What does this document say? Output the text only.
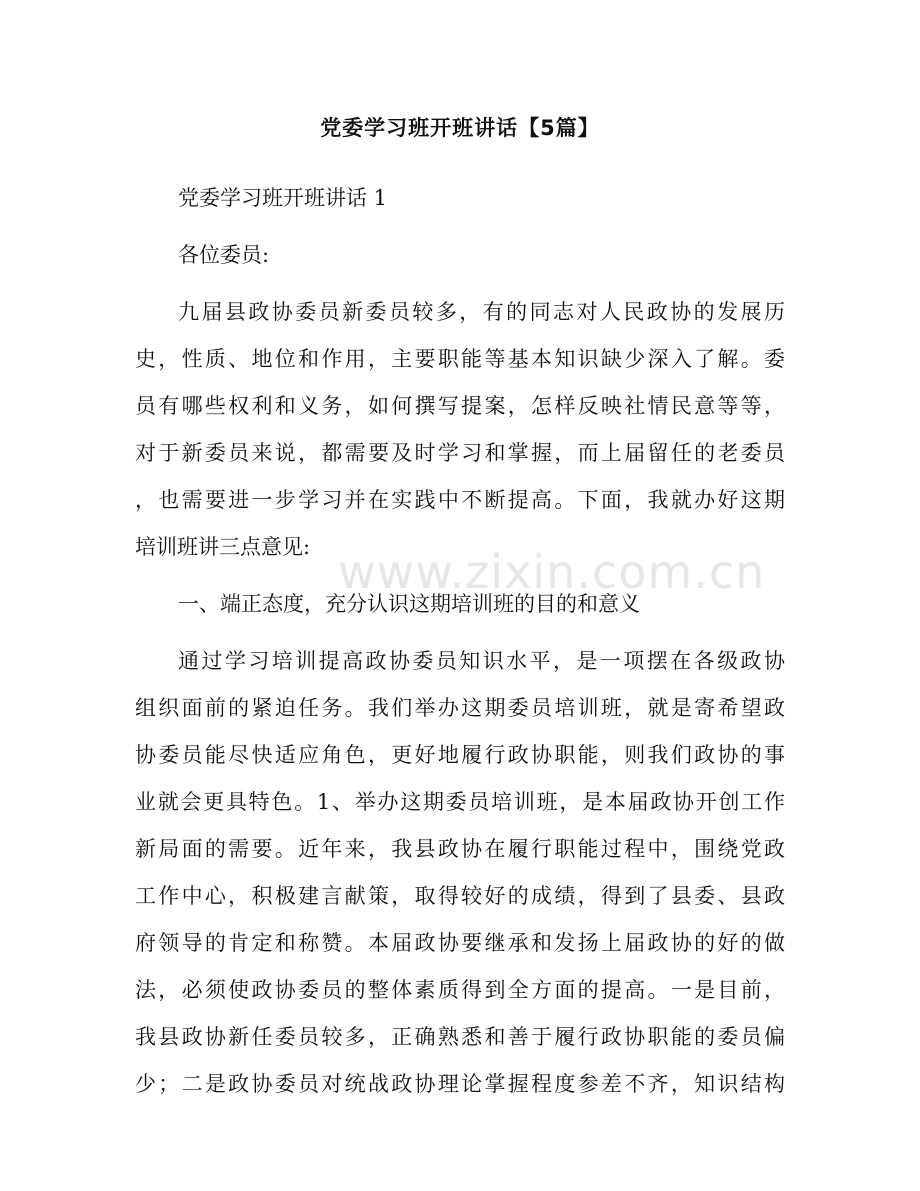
www.zixin.com.cn
党委学习班开班讲话【5篇】
党委学习班开班讲话 1
各位委员:
九届县政协委员新委员较多，有的同志对人民政协的发展历
史，性质、地位和作用，主要职能等基本知识缺少深入了解。委
员有哪些权利和义务，如何撰写提案，怎样反映社情民意等等，
对于新委员来说，都需要及时学习和掌握，而上届留任的老委员
，也需要进一步学习并在实践中不断提高。下面，我就办好这期
培训班讲三点意见:
一、端正态度，充分认识这期培训班的目的和意义
通过学习培训提高政协委员知识水平，是一项摆在各级政协
组织面前的紧迫任务。我们举办这期委员培训班，就是寄希望政
协委员能尽快适应角色，更好地履行政协职能，则我们政协的事
业就会更具特色。1、举办这期委员培训班，是本届政协开创工作
新局面的需要。近年来，我县政协在履行职能过程中，围绕党政
工作中心，积极建言献策，取得较好的成绩，得到了县委、县政
府领导的肯定和称赞。本届政协要继承和发扬上届政协的好的做
法，必须使政协委员的整体素质得到全方面的提高。一是目前，
我县政协新任委员较多，正确熟悉和善于履行政协职能的委员偏
少；二是政协委员对统战政协理论掌握程度参差不齐，知识结构
